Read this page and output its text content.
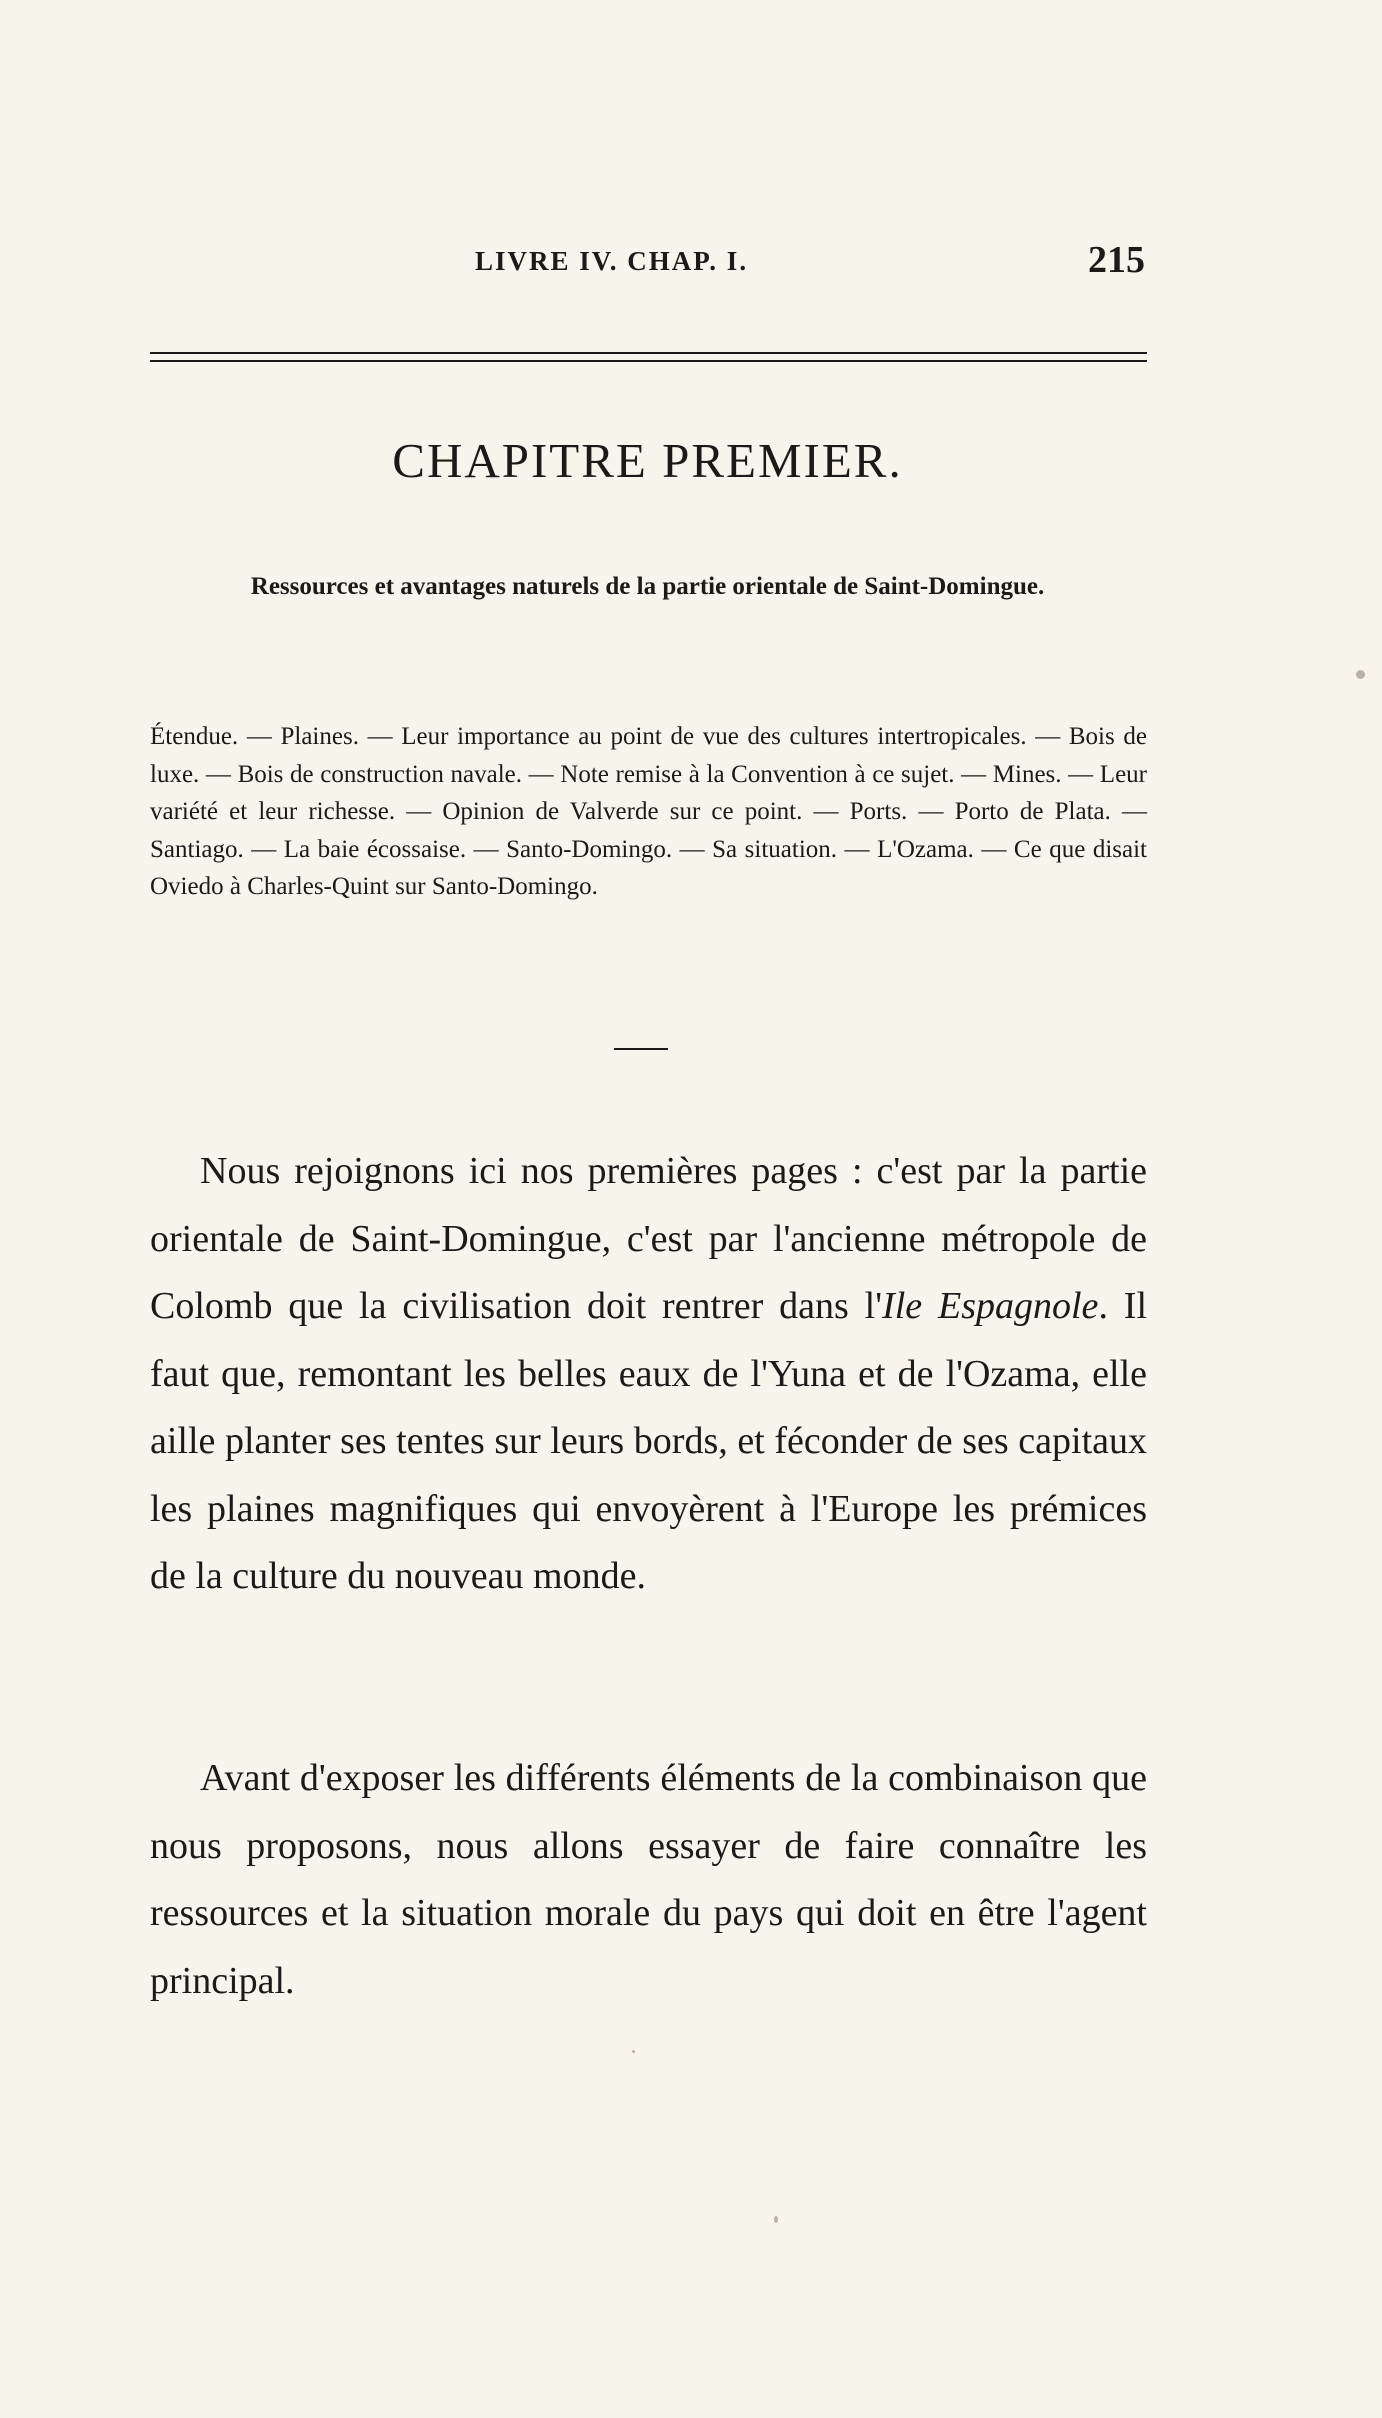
LIVRE IV. CHAP. I.	215
CHAPITRE PREMIER.
Ressources et avantages naturels de la partie orientale de Saint-Domingue.

Étendue. — Plaines. — Leur importance au point de vue des cultures intertropicales. — Bois de luxe. — Bois de construction navale. — Note remise à la Convention à ce sujet. — Mines. — Leur variété et leur richesse. — Opinion de Valverde sur ce point. — Ports. — Porto de Plata. — Santiago. — La baie écossaise. — Santo-Domingo. — Sa situation. — L'Ozama. — Ce que disait Oviedo à Charles-Quint sur Santo-Domingo.

Nous rejoignons ici nos premières pages : c'est par la partie orientale de Saint-Domingue, c'est par l'ancienne métropole de Colomb que la civilisation doit rentrer dans l'Ile Espagnole. Il faut que, remontant les belles eaux de l'Yuna et de l'Ozama, elle aille planter ses tentes sur leurs bords, et féconder de ses capitaux les plaines magnifiques qui envoyèrent à l'Europe les prémices de la culture du nouveau monde.

Avant d'exposer les différents éléments de la combinaison que nous proposons, nous allons essayer de faire connaître les ressources et la situation morale du pays qui doit en être l'agent principal.
